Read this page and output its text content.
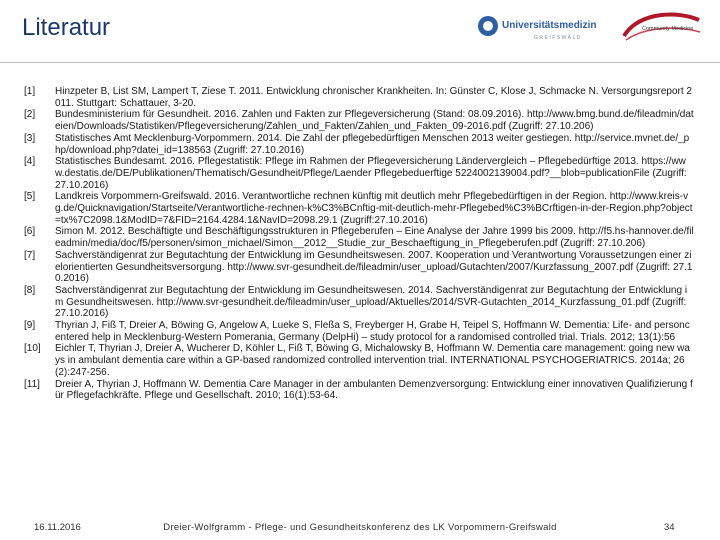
Literatur	Universitätsmedizin
GREIFSWALD
Community Medicine
[1]	Hinzpeter B, List SM, Lampert T, Ziese T. 2011. Entwicklung chronischer Krankheiten. In: Günster C, Klose J, Schmacke N. Versorgungsreport 2011. Stuttgart: Schattauer, 3-20.
[2]	Bundesministerium für Gesundheit. 2016. Zahlen und Fakten zur Pflegeversicherung (Stand: 08.09.2016). http://www.bmg.bund.de/fileadmin/dateien/Downloads/Statistiken/Pflegeversicherung/Zahlen_und_Fakten/Zahlen_und_Fakten_09-2016.pdf (Zugriff: 27.10.206)
[3]	Statistisches Amt Mecklenburg-Vorpommern. 2014. Die Zahl der pflegebedürftigen Menschen 2013 weiter gestiegen. http://service.mvnet.de/_php/download.php?datei_id=138563 (Zugriff: 27.10.2016)
[4]	Statistisches Bundesamt. 2016. Pflegestatistik: Pflege im Rahmen der Pflegeversicherung Ländervergleich – Pflegebedürftige 2013. https://www.destatis.de/DE/Publikationen/Thematisch/Gesundheit/Pflege/Laender Pflegebeduerftige 5224002139004.pdf?__blob=publicationFile (Zugriff: 27.10.2016)
[5]	Landkreis Vorpommern-Greifswald. 2016. Verantwortliche rechnen künftig mit deutlich mehr Pflegebedürftigen in der Region. http://www.kreis-vg.de/Quicknavigation/Startseite/Verantwortliche-rechnen-k%C3%BCnftig-mit-deutlich-mehr-Pflegebed%C3%BCrftigen-in-der-Region.php?object=tx%7C2098.1&ModID=7&FID=2164.4284.1&NavID=2098.29.1 (Zugriff:27.10.2016)
[6]	Simon M. 2012. Beschäftigte und Beschäftigungsstrukturen in Pflegeberufen – Eine Analyse der Jahre 1999 bis 2009. http://f5.hs-hannover.de/fileadmin/media/doc/f5/personen/simon_michael/Simon__2012__Studie_zur_Beschaeftigung_in_Pflegeberufen.pdf (Zugriff: 27.10.206)
[7]	Sachverständigenrat zur Begutachtung der Entwicklung im Gesundheitswesen. 2007. Kooperation und Verantwortung Voraussetzungen einer zielorientierten Gesundheitsversorgung. http://www.svr-gesundheit.de/fileadmin/user_upload/Gutachten/2007/Kurzfassung_2007.pdf (Zugriff: 27.10.2016)
[8]	Sachverständigenrat zur Begutachtung der Entwicklung im Gesundheitswesen. 2014. Sachverständigenrat zur Begutachtung der Entwicklung im Gesundheitswesen. http://www.svr-gesundheit.de/fileadmin/user_upload/Aktuelles/2014/SVR-Gutachten_2014_Kurzfassung_01.pdf (Zugriff: 27.10.2016)
[9]	Thyrian J, Fiß T, Dreier A, Böwing G, Angelow A, Lueke S, Fleßa S, Freyberger H, Grabe H, Teipel S, Hoffmann W. Dementia: Life- and personcentered help in Mecklenburg-Western Pomerania, Germany (DelpHi) – study protocol for a randomised controlled trial. Trials. 2012; 13(1):56
[10]	Eichler T, Thyrian J, Dreier A, Wucherer D, Köhler L, Fiß T, Böwing G, Michalowsky B, Hoffmann W. Dementia care management: going new ways in ambulant dementia care within a GP-based randomized controlled intervention trial. INTERNATIONAL PSYCHOGERIATRICS. 2014a; 26(2):247-256.
[11]	Dreier A, Thyrian J, Hoffmann W. Dementia Care Manager in der ambulanten Demenzversorgung: Entwicklung einer innovativen Qualifizierung für Pflegefachkräfte. Pflege und Gesellschaft. 2010; 16(1):53-64.
16.11.2016	Dreier-Wolfgramm - Pflege- und Gesundheitskonferenz des LK Vorpommern-Greifswald	34
